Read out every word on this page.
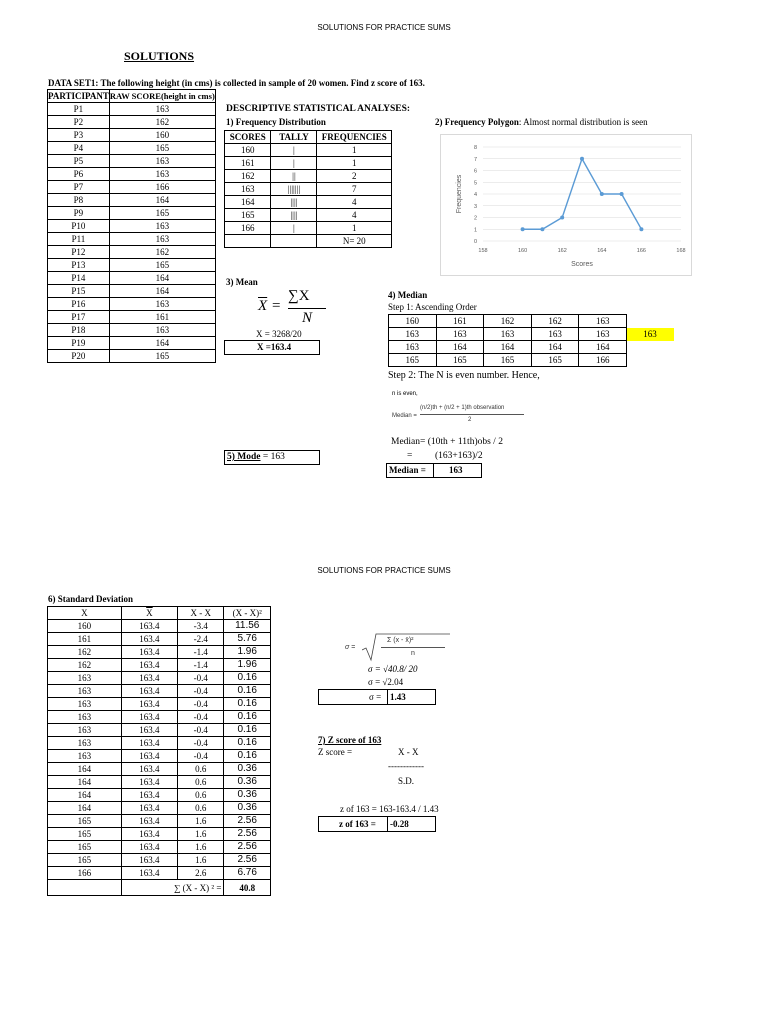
SOLUTIONS FOR PRACTICE SUMS
SOLUTIONS
DATA SET1: The following height (in cms) is collected in sample of 20 women. Find z score of 163.
PARTICIPANT	RAW SCORE(height in cms)
P1	163
P2	162
P3	160
P4	165
P5	163
P6	163
P7	166
P8	164
P9	165
P10	163
P11	163
P12	162
P13	165
P14	164
P15	164
P16	163
P17	161
P18	163
P19	164
P20	165
DESCRIPTIVE STATISTICAL ANALYSES:
1) Frequency Distribution
SCORES	TALLY	FREQUENCIES
160	|	1
161	|	1
162	||	2
163	|||||||	7
164	||||	4
165	||||	4
166	|	1
		N= 20
2) Frequency Polygon: Almost normal distribution is seen
0
1
2
3
4
5
6
7
8
158	160	162	164	166	168
Scores
Frequencies
3) Mean
$\overline{X}$ =
∑X
N
X = 3268/20
X =163.4
4) Median
Step 1: Ascending Order
160	161	162	162	163	
163	163	163	163	163	163
163	164	164	164	164	
165	165	165	165	166	
Step 2: The N is even number. Hence,
n is even,
Median =
(n/2)th + (n/2 + 1)th observation
2
Median= (10th + 11th)obs / 2
= (163+163)/2
Median =	163
5) Mode = 163
SOLUTIONS FOR PRACTICE SUMS
6) Standard Deviation
X	$\overline{X}$	X - X	(X - X)²
160	163.4	-3.4	11.56
161	163.4	-2.4	5.76
162	163.4	-1.4	1.96
162	163.4	-1.4	1.96
163	163.4	-0.4	0.16
163	163.4	-0.4	0.16
163	163.4	-0.4	0.16
163	163.4	-0.4	0.16
163	163.4	-0.4	0.16
163	163.4	-0.4	0.16
163	163.4	-0.4	0.16
164	163.4	0.6	0.36
164	163.4	0.6	0.36
164	163.4	0.6	0.36
164	163.4	0.6	0.36
165	163.4	1.6	2.56
165	163.4	1.6	2.56
165	163.4	1.6	2.56
165	163.4	1.6	2.56
166	163.4	2.6	6.76
	∑ (X - X) ² =		40.8
σ =
Σ (x - x̄)²
n
σ = √40.8/ 20
σ = √2.04
σ = 1.43
7) Z score of 163
Z score =	X - X
------------
S.D.
z of 163 = 163-163.4 / 1.43
z of 163 = -0.28
